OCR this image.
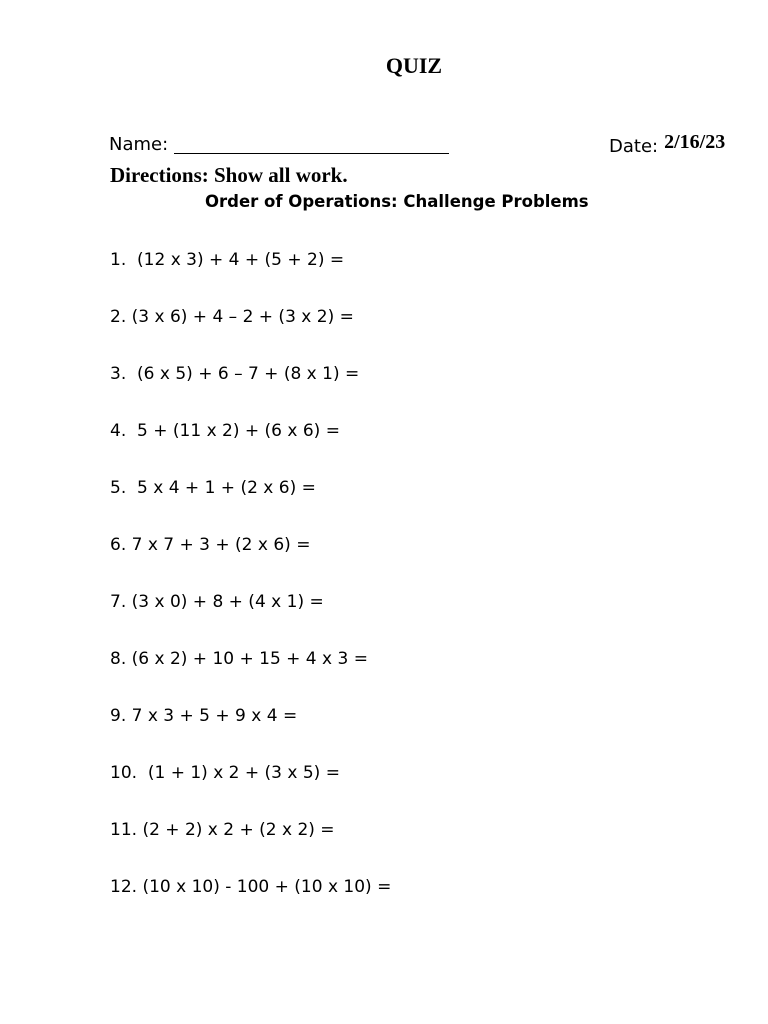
QUIZ
Name:	Date: 2/16/23
Directions: Show all work.
Order of Operations: Challenge Problems
1.  (12 x 3) + 4 + (5 + 2) =
2. (3 x 6) + 4 – 2 + (3 x 2) =
3.  (6 x 5) + 6 – 7 + (8 x 1) =
4.  5 + (11 x 2) + (6 x 6) =
5.  5 x 4 + 1 + (2 x 6) =
6. 7 x 7 + 3 + (2 x 6) =
7. (3 x 0) + 8 + (4 x 1) =
8. (6 x 2) + 10 + 15 + 4 x 3 =
9. 7 x 3 + 5 + 9 x 4 =
10.  (1 + 1) x 2 + (3 x 5) =
11. (2 + 2) x 2 + (2 x 2) =
12. (10 x 10) - 100 + (10 x 10) =
